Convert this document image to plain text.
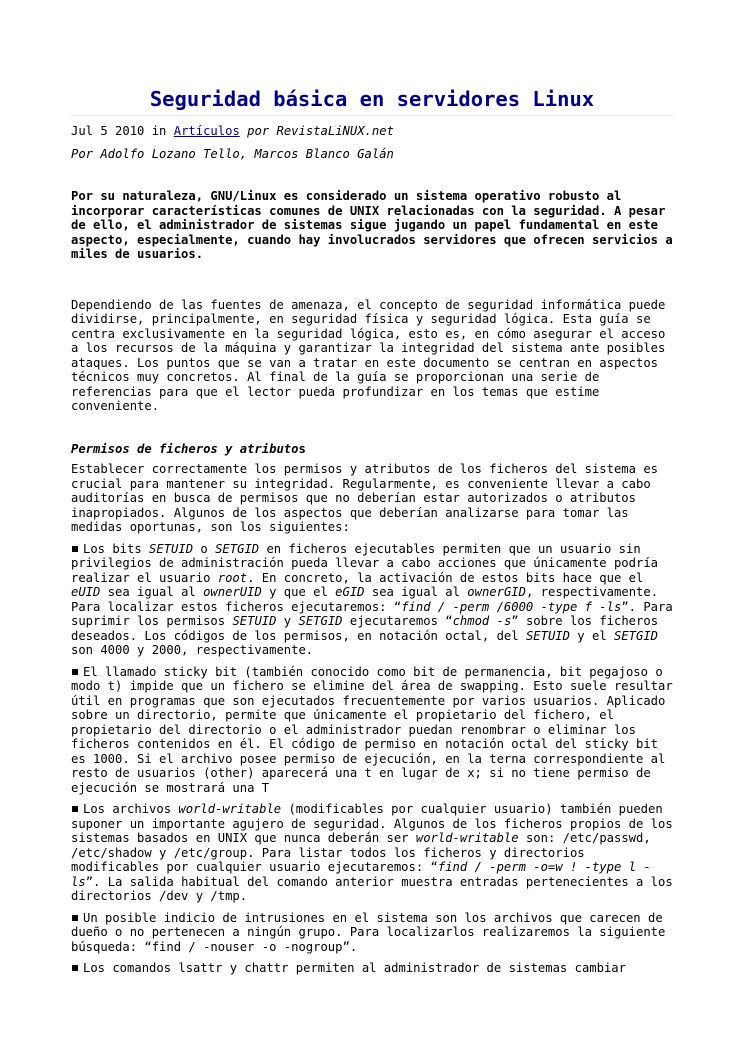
Seguridad básica en servidores Linux
Jul 5 2010 in Artículos por RevistaLiNUX.net
Por Adolfo Lozano Tello, Marcos Blanco Galán
Por su naturaleza, GNU/Linux es considerado un sistema operativo robusto al incorporar características comunes de UNIX relacionadas con la seguridad. A pesar de ello, el administrador de sistemas sigue jugando un papel fundamental en este aspecto, especialmente, cuando hay involucrados servidores que ofrecen servicios a miles de usuarios.

Dependiendo de las fuentes de amenaza, el concepto de seguridad informática puede dividirse, principalmente, en seguridad física y seguridad lógica. Esta guía se centra exclusivamente en la seguridad lógica, esto es, en cómo asegurar el acceso a los recursos de la máquina y garantizar la integridad del sistema ante posibles ataques. Los puntos que se van a tratar en este documento se centran en aspectos técnicos muy concretos. Al final de la guía se proporcionan una serie de referencias para que el lector pueda profundizar en los temas que estime conveniente.

Permisos de ficheros y atributos

Establecer correctamente los permisos y atributos de los ficheros del sistema es crucial para mantener su integridad. Regularmente, es conveniente llevar a cabo auditorías en busca de permisos que no deberían estar autorizados o atributos inapropiados. Algunos de los aspectos que deberían analizarse para tomar las medidas oportunas, son los siguientes:

Los bits SETUID o SETGID en ficheros ejecutables permiten que un usuario sin privilegios de administración pueda llevar a cabo acciones que únicamente podría realizar el usuario root. En concreto, la activación de estos bits hace que el eUID sea igual al ownerUID y que el eGID sea igual al ownerGID, respectivamente. Para localizar estos ficheros ejecutaremos: “find / -perm /6000 -type f -ls”. Para suprimir los permisos SETUID y SETGID ejecutaremos “chmod -s” sobre los ficheros deseados. Los códigos de los permisos, en notación octal, del SETUID y el SETGID son 4000 y 2000, respectivamente.

El llamado sticky bit (también conocido como bit de permanencia, bit pegajoso o modo t) impide que un fichero se elimine del área de swapping. Esto suele resultar útil en programas que son ejecutados frecuentemente por varios usuarios. Aplicado sobre un directorio, permite que únicamente el propietario del fichero, el propietario del directorio o el administrador puedan renombrar o eliminar los ficheros contenidos en él. El código de permiso en notación octal del sticky bit es 1000. Si el archivo posee permiso de ejecución, en la terna correspondiente al resto de usuarios (other) aparecerá una t en lugar de x; si no tiene permiso de ejecución se mostrará una T

Los archivos world-writable (modificables por cualquier usuario) también pueden suponer un importante agujero de seguridad. Algunos de los ficheros propios de los sistemas basados en UNIX que nunca deberán ser world-writable son: /etc/passwd, /etc/shadow y /etc/group. Para listar todos los ficheros y directorios modificables por cualquier usuario ejecutaremos: “find / -perm -o=w ! -type l -ls”. La salida habitual del comando anterior muestra entradas pertenecientes a los directorios /dev y /tmp.

Un posible indicio de intrusiones en el sistema son los archivos que carecen de dueño o no pertenecen a ningún grupo. Para localizarlos realizaremos la siguiente búsqueda: “find / -nouser -o -nogroup”.

Los comandos lsattr y chattr permiten al administrador de sistemas cambiar
